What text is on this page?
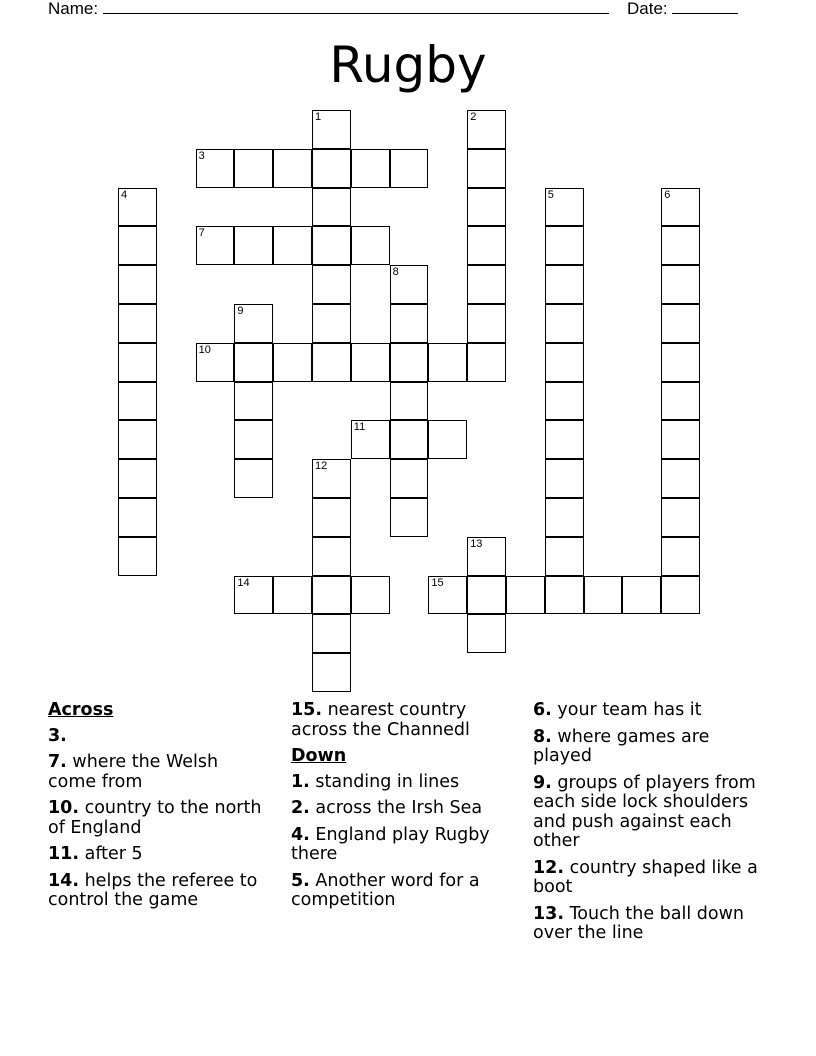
Name:	Date:
Rugby
1	2
3
4	5	6
7
8
9
10
11
12
13
14	15
Across
3.
7. where the Welsh come from
10. country to the north of England
11. after 5
14. helps the referee to control the game
15. nearest country across the Channedl
Down
1. standing in lines
2. across the Irsh Sea
4. England play Rugby there
5. Another word for a competition
6. your team has it
8. where games are played
9. groups of players from each side lock shoulders and push against each other
12. country shaped like a boot
13. Touch the ball down over the line
